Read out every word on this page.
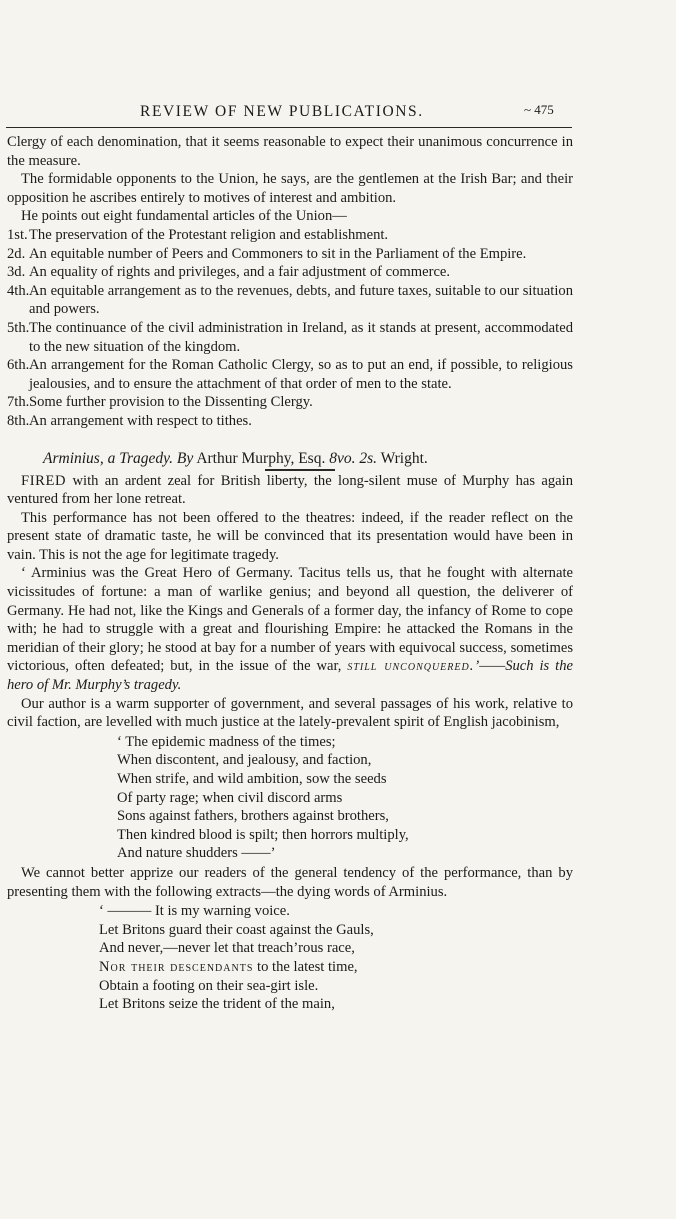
REVIEW OF NEW PUBLICATIONS.	~ 475

Clergy of each denomination, that it seems reasonable to expect their unanimous concurrence in the measure.

The formidable opponents to the Union, he says, are the gentlemen at the Irish Bar; and their opposition he ascribes entirely to motives of interest and ambition.

He points out eight fundamental articles of the Union—

1st.The preservation of the Protestant religion and establishment.

2d. An equitable number of Peers and Commoners to sit in the Parliament of the Empire.

3d. An equality of rights and privileges, and a fair adjustment of commerce.

4th.An equitable arrangement as to the revenues, debts, and future taxes, suitable to our situation and powers.

5th.The continuance of the civil administration in Ireland, as it stands at present, accommodated to the new situation of the kingdom.

6th.An arrangement for the Roman Catholic Clergy, so as to put an end, if possible, to religious jealousies, and to ensure the attachment of that order of men to the state.

7th.Some further provision to the Dissenting Clergy.

8th.An arrangement with respect to tithes.

Arminius, a Tragedy. By Arthur Murphy, Esq. 8vo. 2s. Wright.

FIRED with an ardent zeal for British liberty, the long-silent muse of Murphy has again ventured from her lone retreat.

This performance has not been offered to the theatres: indeed, if the reader reflect on the present state of dramatic taste, he will be convinced that its presentation would have been in vain. This is not the age for legitimate tragedy.

‘ Arminius was the Great Hero of Germany. Tacitus tells us, that he fought with alternate vicissitudes of fortune: a man of warlike genius; and beyond all question, the deliverer of Germany. He had not, like the Kings and Generals of a former day, the infancy of Rome to cope with; he had to struggle with a great and flourishing Empire: he attacked the Romans in the meridian of their glory; he stood at bay for a number of years with equivocal success, sometimes victorious, often defeated; but, in the issue of the war, still unconquered.’——Such is the hero of Mr. Murphy’s tragedy.

Our author is a warm supporter of government, and several passages of his work, relative to civil faction, are levelled with much justice at the lately-prevalent spirit of English jacobinism,

‘ The epidemic madness of the times;

When discontent, and jealousy, and faction,

When strife, and wild ambition, sow the seeds

Of party rage; when civil discord arms

Sons against fathers, brothers against brothers,

Then kindred blood is spilt; then horrors multiply,

And nature shudders ——’

We cannot better apprize our readers of the general tendency of the performance, than by presenting them with the following extracts—the dying words of Arminius.

‘ ——— It is my warning voice.

Let Britons guard their coast against the Gauls,

And never,—never let that treach’rous race,

Nor their descendants to the latest time,

Obtain a footing on their sea-girt isle.

Let Britons seize the trident of the main,
